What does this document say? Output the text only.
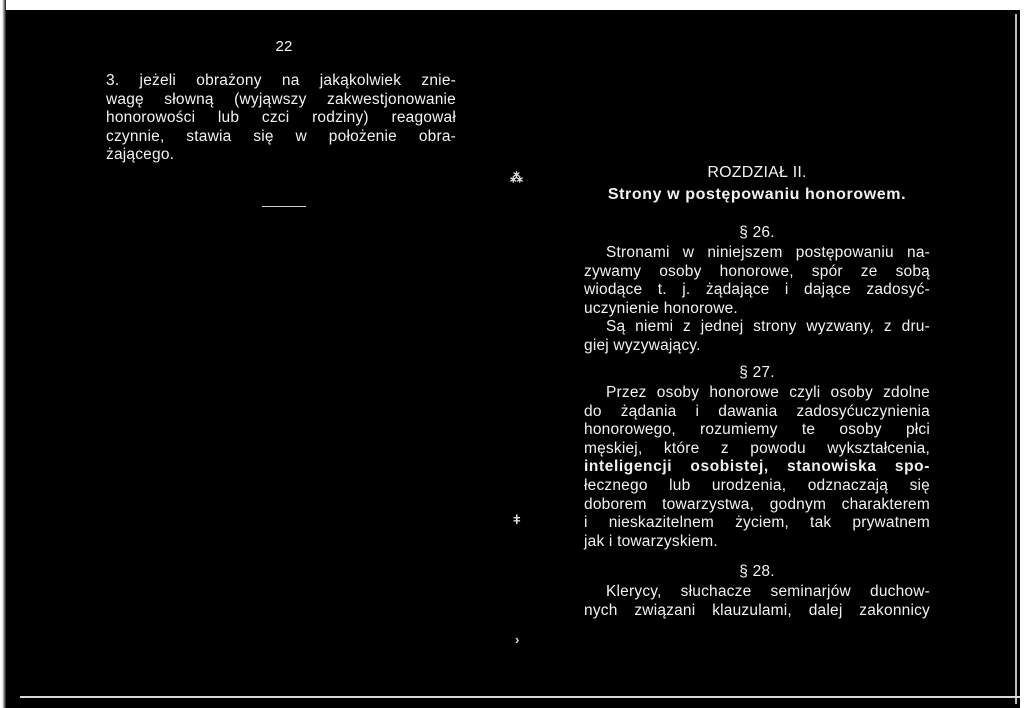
22
3. jeżeli obrażony na jakąkolwiek znie-
wagę słowną (wyjąwszy zakwestjonowanie
honorowości lub czci rodziny) reagował
czynnie, stawia się w położenie obra-
żającego.
⁂
ǂ
›
ROZDZIAŁ II.
Strony w postępowaniu honorowem.
§ 26.
Stronami w niniejszem postępowaniu na-
zywamy osoby honorowe, spór ze sobą
wiodące t. j. żądające i dające zadosyć-
uczynienie honorowe.
Są niemi z jednej strony wyzwany, z dru-
giej wyzywający.
§ 27.
Przez osoby honorowe czyli osoby zdolne
do żądania i dawania zadosyćuczynienia
honorowego, rozumiemy te osoby płci
męskiej, które z powodu wykształcenia,
inteligencji osobistej, stanowiska spo-
łecznego lub urodzenia, odznaczają się
doborem towarzystwa, godnym charakterem
i nieskazitelnem życiem, tak prywatnem
jak i towarzyskiem.
§ 28.
Klerycy, słuchacze seminarjów duchow-
nych związani klauzulami, dalej zakonnicy
